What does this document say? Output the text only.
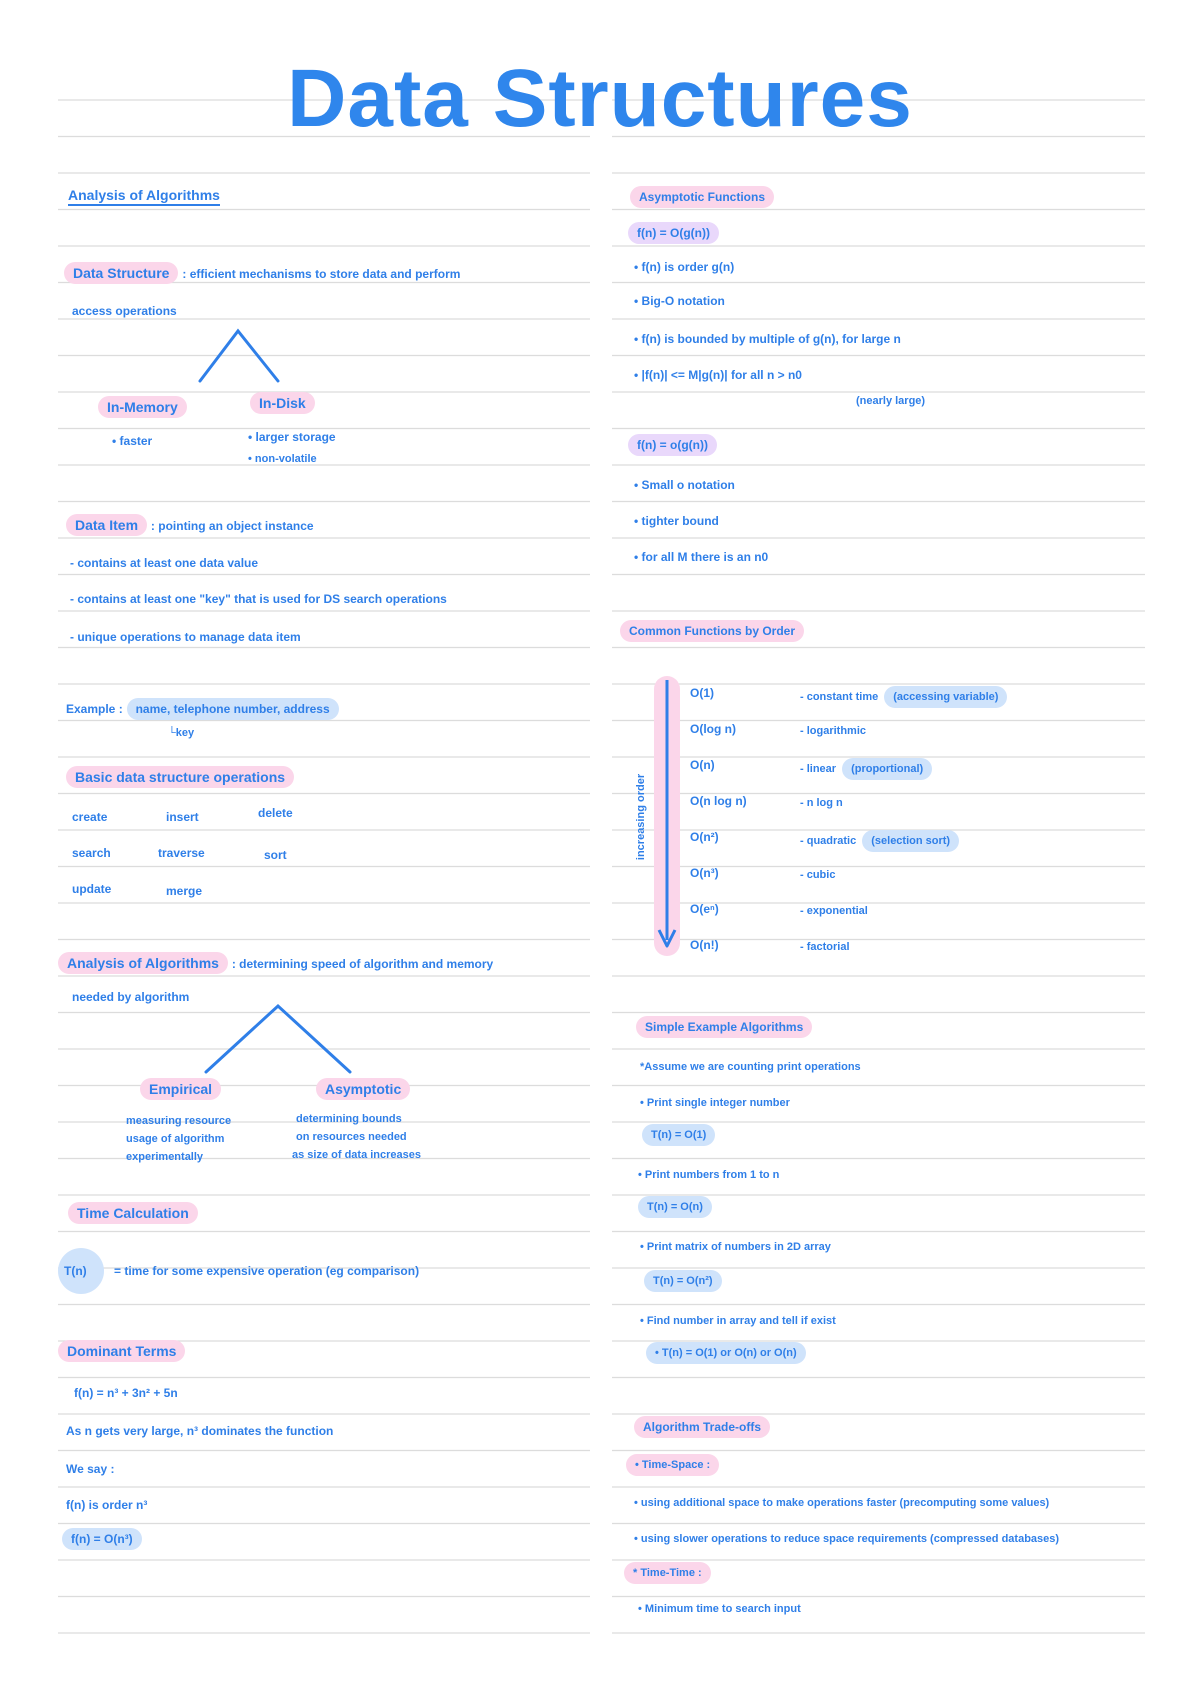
Data Structures
Analysis of Algorithms
Data Structure : efficient mechanisms to store data and perform
access operations
In-Memory	In-Disk
• faster	• larger storage
• non-volatile
Data Item : pointing an object instance
- contains at least one data value
- contains at least one "key" that is used for DS search operations
- unique operations to manage data item
Example : name, telephone number, address
└key
Basic data structure operations
create	insert	delete
search	traverse	sort
update	merge
Analysis of Algorithms : determining speed of algorithm and memory
needed by algorithm
Empirical	Asymptotic
measuring resource
usage of algorithm
experimentally
determining bounds
on resources needed
as size of data increases
Time Calculation
T(n) = time for some expensive operation (eg comparison)
Dominant Terms
f(n) = n³ + 3n² + 5n
As n gets very large, n³ dominates the function
We say :
f(n) is order n³
f(n) = O(n³)
Asymptotic Functions
f(n) = O(g(n))
• f(n) is order g(n)
• Big-O notation
• f(n) is bounded by multiple of g(n), for large n
• |f(n)| <= M|g(n)| for all n > n0
(nearly large)
f(n) = o(g(n))
• Small o notation
• tighter bound
• for all M there is an n0
Common Functions by Order
increasing order
O(1)	- constant time (accessing variable)
O(log n)	- logarithmic
O(n)	- linear (proportional)
O(n log n)	- n log n
O(n²)	- quadratic (selection sort)
O(n³)	- cubic
O(eⁿ)	- exponential
O(n!)	- factorial
Simple Example Algorithms
*Assume we are counting print operations
• Print single integer number
T(n) = O(1)
• Print numbers from 1 to n
T(n) = O(n)
• Print matrix of numbers in 2D array
T(n) = O(n²)
• Find number in array and tell if exist
• T(n) = O(1) or O(n) or O(n)
Algorithm Trade-offs
• Time-Space :
• using additional space to make operations faster (precomputing some values)
• using slower operations to reduce space requirements (compressed databases)
* Time-Time :
• Minimum time to search input
